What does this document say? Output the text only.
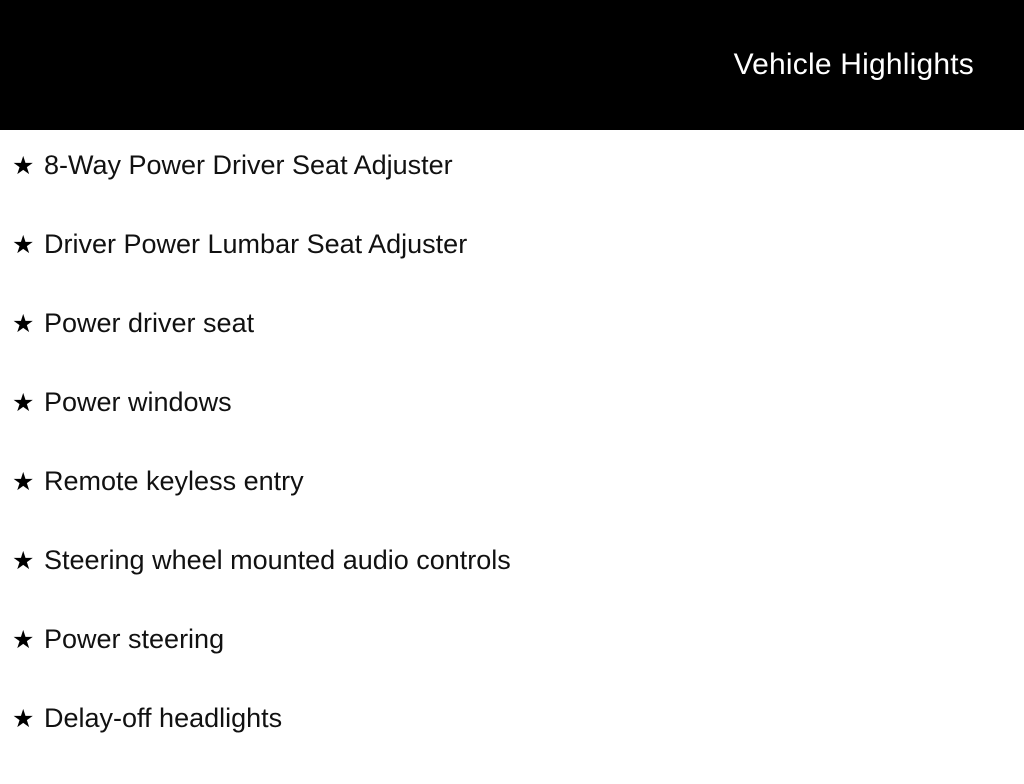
Vehicle Highlights
★ 8-Way Power Driver Seat Adjuster
★ Driver Power Lumbar Seat Adjuster
★ Power driver seat
★ Power windows
★ Remote keyless entry
★ Steering wheel mounted audio controls
★ Power steering
★ Delay-off headlights
